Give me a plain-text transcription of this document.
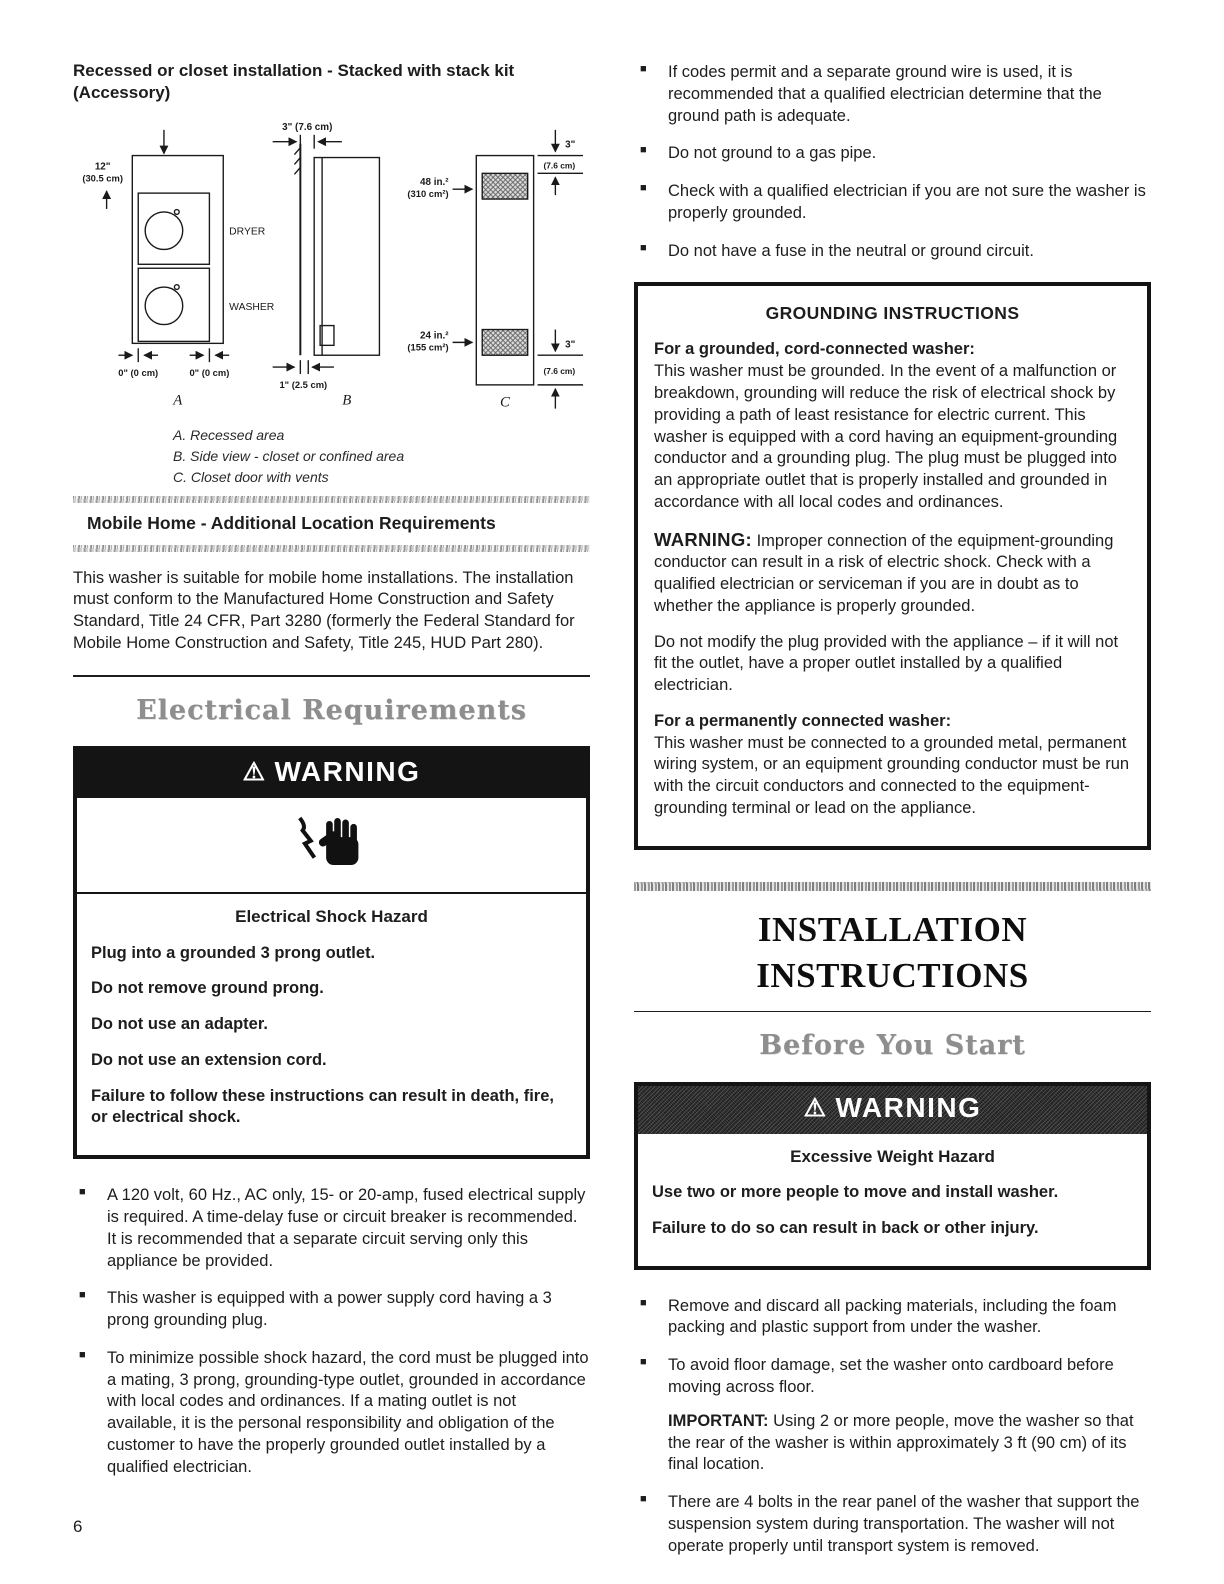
Recessed or closet installation - Stacked with stack kit (Accessory)
12"
(30.5 cm)
3" (7.6 cm)
DRYER
WASHER
48 in.²
(310 cm²)
24 in.²
(155 cm²)
0" (0 cm)	0" (0 cm)
1" (2.5 cm)
3"
(7.6 cm)
3"
(7.6 cm)
A	B	C
A. Recessed area
B. Side view - closet or confined area
C. Closet door with vents
Mobile Home - Additional Location Requirements

This washer is suitable for mobile home installations. The installation must conform to the Manufactured Home Construction and Safety Standard, Title 24 CFR, Part 3280 (formerly the Federal Standard for Mobile Home Construction and Safety, Title 245, HUD Part 280).

Electrical Requirements
⚠ WARNING

Electrical Shock Hazard

Plug into a grounded 3 prong outlet.

Do not remove ground prong.

Do not use an adapter.

Do not use an extension cord.

Failure to follow these instructions can result in death, fire, or electrical shock.

■ A 120 volt, 60 Hz., AC only, 15- or 20-amp, fused electrical supply is required. A time-delay fuse or circuit breaker is recommended. It is recommended that a separate circuit serving only this appliance be provided.
■ This washer is equipped with a power supply cord having a 3 prong grounding plug.
■ To minimize possible shock hazard, the cord must be plugged into a mating, 3 prong, grounding-type outlet, grounded in accordance with local codes and ordinances. If a mating outlet is not available, it is the personal responsibility and obligation of the customer to have the properly grounded outlet installed by a qualified electrician.
■ If codes permit and a separate ground wire is used, it is recommended that a qualified electrician determine that the ground path is adequate.
■ Do not ground to a gas pipe.
■ Check with a qualified electrician if you are not sure the washer is properly grounded.
■ Do not have a fuse in the neutral or ground circuit.
GROUNDING INSTRUCTIONS

For a grounded, cord-connected washer:

This washer must be grounded. In the event of a malfunction or breakdown, grounding will reduce the risk of electrical shock by providing a path of least resistance for electric current. This washer is equipped with a cord having an equipment-grounding conductor and a grounding plug. The plug must be plugged into an appropriate outlet that is properly installed and grounded in accordance with all local codes and ordinances.

WARNING: Improper connection of the equipment-grounding conductor can result in a risk of electric shock. Check with a qualified electrician or serviceman if you are in doubt as to whether the appliance is properly grounded.

Do not modify the plug provided with the appliance – if it will not fit the outlet, have a proper outlet installed by a qualified electrician.

For a permanently connected washer:

This washer must be connected to a grounded metal, permanent wiring system, or an equipment grounding conductor must be run with the circuit conductors and connected to the equipment-grounding terminal or lead on the appliance.

INSTALLATION INSTRUCTIONS
Before You Start
⚠ WARNING

Excessive Weight Hazard

Use two or more people to move and install washer.

Failure to do so can result in back or other injury.

■ Remove and discard all packing materials, including the foam packing and plastic support from under the washer.
■ To avoid floor damage, set the washer onto cardboard before moving across floor.

IMPORTANT: Using 2 or more people, move the washer so that the rear of the washer is within approximately 3 ft (90 cm) of its final location.

■ There are 4 bolts in the rear panel of the washer that support the suspension system during transportation. The washer will not operate properly until transport system is removed.
6
